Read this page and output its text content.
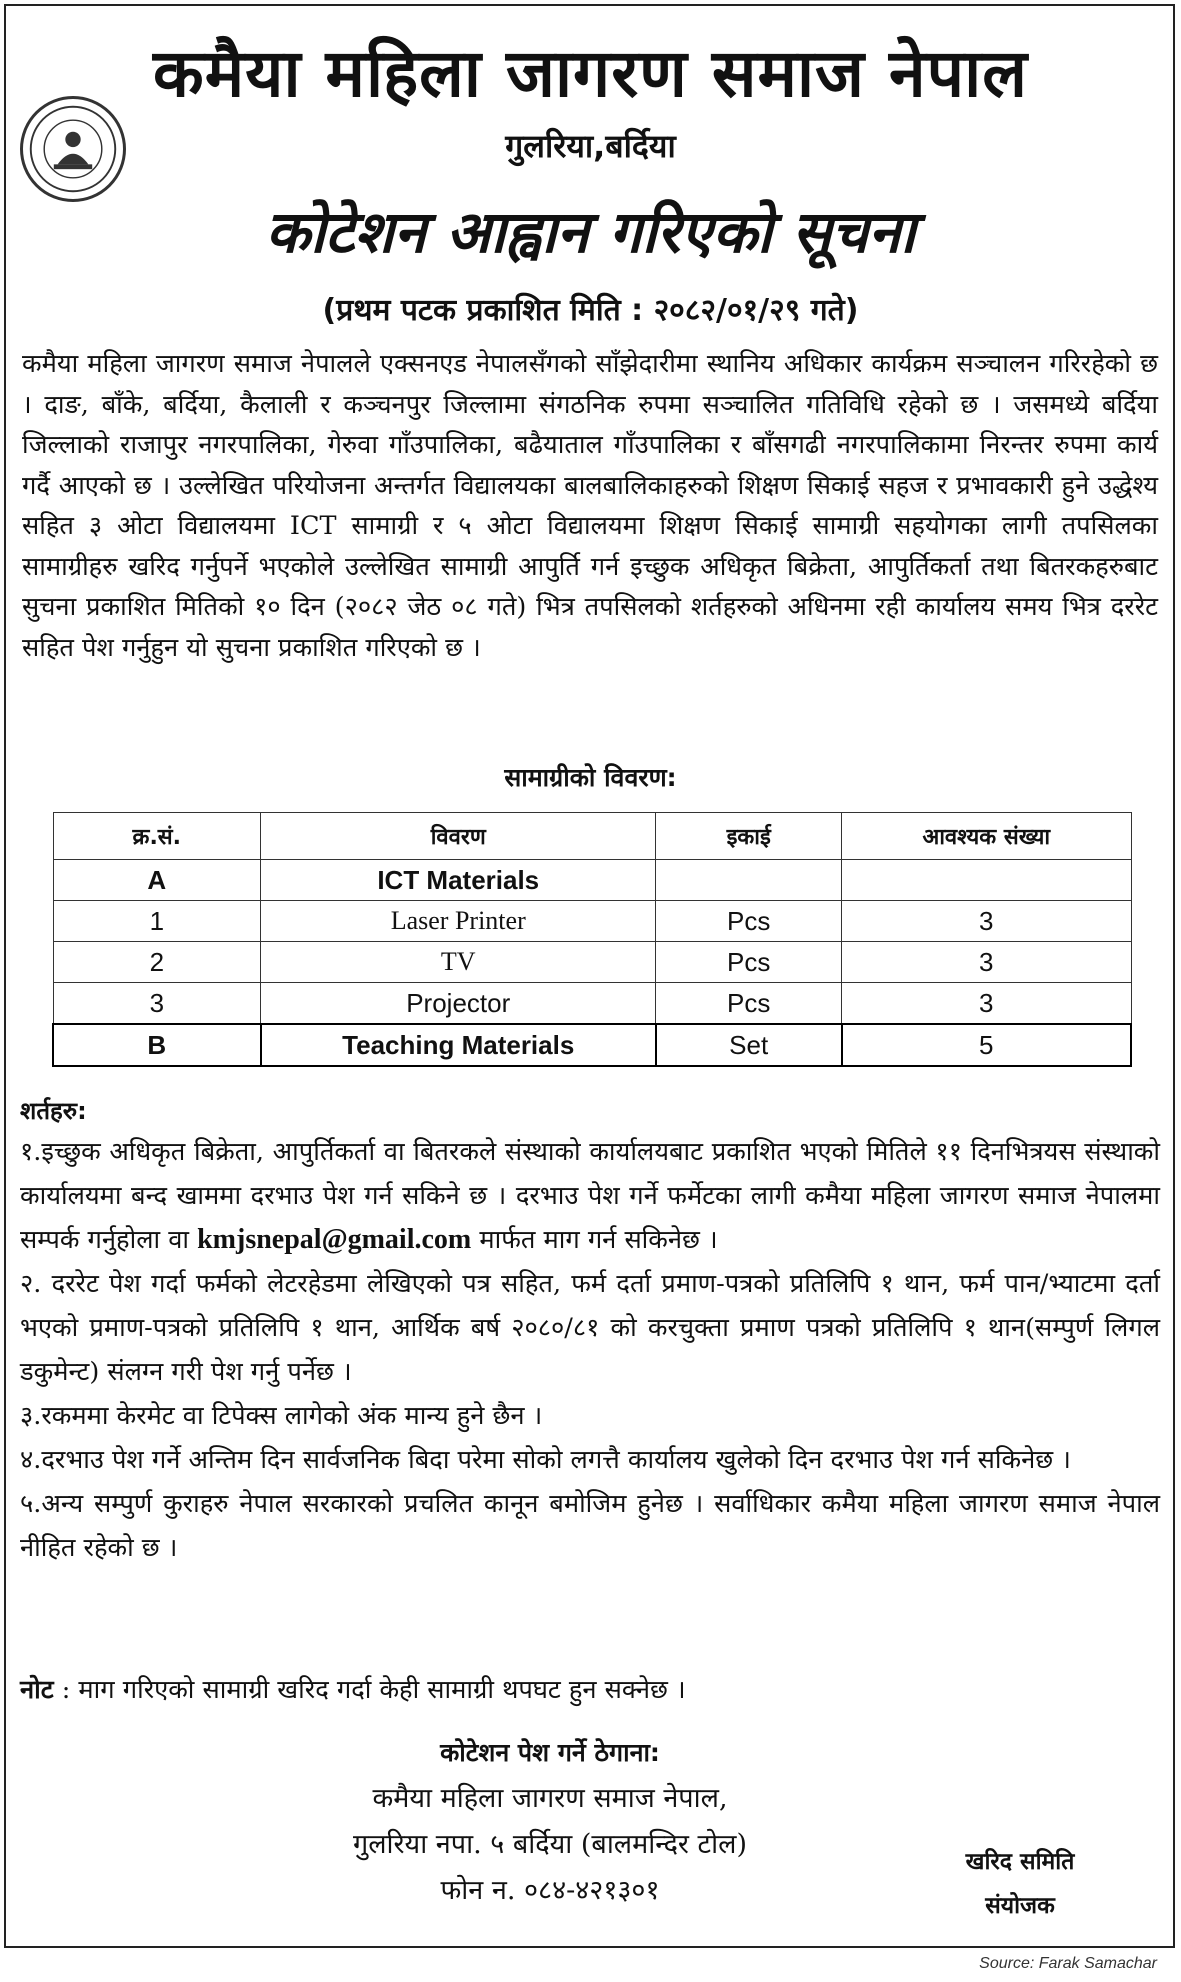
कमैया महिला जागरण समाज नेपाल
गुलरिया,बर्दिया
कोटेशन आह्वान गरिएको सूचना
(प्रथम पटक प्रकाशित मिति : २०८२/०१/२९ गते)
कमैया महिला जागरण समाज नेपालले एक्सनएड नेपालसँगको साँझेदारीमा स्थानिय अधिकार कार्यक्रम सञ्चालन गरिरहेको छ । दाङ, बाँके, बर्दिया, कैलाली र कञ्चनपुर जिल्लामा संगठनिक रुपमा सञ्चालित गतिविधि रहेको छ । जसमध्ये बर्दिया जिल्लाको राजापुर नगरपालिका, गेरुवा गाँउपालिका, बढैयाताल गाँउपालिका र बाँसगढी नगरपालिकामा निरन्तर रुपमा कार्य गर्दै आएको छ । उल्लेखित परियोजना अन्तर्गत विद्यालयका बालबालिकाहरुको शिक्षण सिकाई सहज र प्रभावकारी हुने उद्धेश्य सहित ३ ओटा विद्यालयमा ICT सामाग्री र ५ ओटा विद्यालयमा शिक्षण सिकाई सामाग्री सहयोगका लागी तपसिलका सामाग्रीहरु खरिद गर्नुपर्ने भएकोले उल्लेखित सामाग्री आपुर्ति गर्न इच्छुक अधिकृत बिक्रेता, आपुर्तिकर्ता तथा बितरकहरुबाट सुचना प्रकाशित मितिको १० दिन (२०८२ जेठ ०८ गते) भित्र तपसिलको शर्तहरुको अधिनमा रही कार्यालय समय भित्र दररेट सहित पेश गर्नुहुन यो सुचना प्रकाशित गरिएको छ ।
सामाग्रीको विवरण:
क्र.सं.	विवरण	इकाई	आवश्यक संख्या
A	ICT Materials		
1	Laser Printer	Pcs	3
2	TV	Pcs	3
3	Projector	Pcs	3
B	Teaching Materials	Set	5
शर्तहरु:

१.इच्छुक अधिकृत बिक्रेता, आपुर्तिकर्ता वा बितरकले संस्थाको कार्यालयबाट प्रकाशित भएको मितिले ११ दिनभित्रयस संस्थाको कार्यालयमा बन्द खाममा दरभाउ पेश गर्न सकिने छ । दरभाउ पेश गर्ने फर्मेटका लागी कमैया महिला जागरण समाज नेपालमा सम्पर्क गर्नुहोला वा kmjsnepal@gmail.com मार्फत माग गर्न सकिनेछ ।

२. दररेट पेश गर्दा फर्मको लेटरहेडमा लेखिएको पत्र सहित, फर्म दर्ता प्रमाण-पत्रको प्रतिलिपि १ थान, फर्म पान/भ्याटमा दर्ता भएको प्रमाण-पत्रको प्रतिलिपि १ थान, आर्थिक बर्ष २०८०/८१ को करचुक्ता प्रमाण पत्रको प्रतिलिपि १ थान(सम्पुर्ण लिगल डकुमेन्ट) संलग्न गरी पेश गर्नु पर्नेछ ।

३.रकममा केरमेट वा टिपेक्स लागेको अंक मान्य हुने छैन ।

४.दरभाउ पेश गर्ने अन्तिम दिन सार्वजनिक बिदा परेमा सोको लगत्तै कार्यालय खुलेको दिन दरभाउ पेश गर्न सकिनेछ ।

५.अन्य सम्पुर्ण कुराहरु नेपाल सरकारको प्रचलित कानून बमोजिम हुनेछ । सर्वाधिकार कमैया महिला जागरण समाज नेपाल नीहित रहेको छ ।

नोट : माग गरिएको सामाग्री खरिद गर्दा केही सामाग्री थपघट हुन सक्नेछ ।
कोटेशन पेश गर्ने ठेगाना:
कमैया महिला जागरण समाज नेपाल,
गुलरिया नपा. ५ बर्दिया (बालमन्दिर टोल)
फोन न. ०८४-४२१३०१
खरिद समिति
संयोजक
Source: Farak Samachar
